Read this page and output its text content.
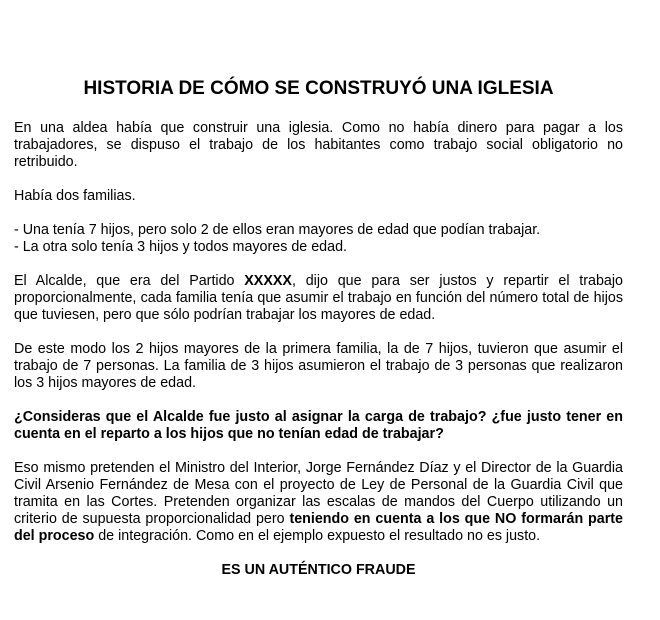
HISTORIA DE CÓMO SE CONSTRUYÓ UNA IGLESIA

En una aldea había que construir una iglesia. Como no había dinero para pagar a los trabajadores, se dispuso el trabajo de los habitantes como trabajo social obligatorio no retribuido.

Había dos familias.

- Una tenía 7 hijos, pero solo 2 de ellos eran mayores de edad que podían trabajar.
- La otra solo tenía 3 hijos y todos mayores de edad.

El Alcalde, que era del Partido XXXXX, dijo que para ser justos y repartir el trabajo proporcionalmente, cada familia tenía que asumir el trabajo en función del número total de hijos que tuviesen, pero que sólo podrían trabajar los mayores de edad.

De este modo los 2 hijos mayores de la primera familia, la de 7 hijos, tuvieron que asumir el trabajo de 7 personas. La familia de 3 hijos asumieron el trabajo de 3 personas que realizaron los 3 hijos mayores de edad.

¿Consideras que el Alcalde fue justo al asignar la carga de trabajo? ¿fue justo tener en cuenta en el reparto a los hijos que no tenían edad de trabajar?

Eso mismo pretenden el Ministro del Interior, Jorge Fernández Díaz y el Director de la Guardia Civil Arsenio Fernández de Mesa con el proyecto de Ley de Personal de la Guardia Civil que tramita en las Cortes. Pretenden organizar las escalas de mandos del Cuerpo utilizando un criterio de supuesta proporcionalidad pero teniendo en cuenta a los que NO formarán parte del proceso de integración. Como en el ejemplo expuesto el resultado no es justo.

ES UN AUTÉNTICO FRAUDE
